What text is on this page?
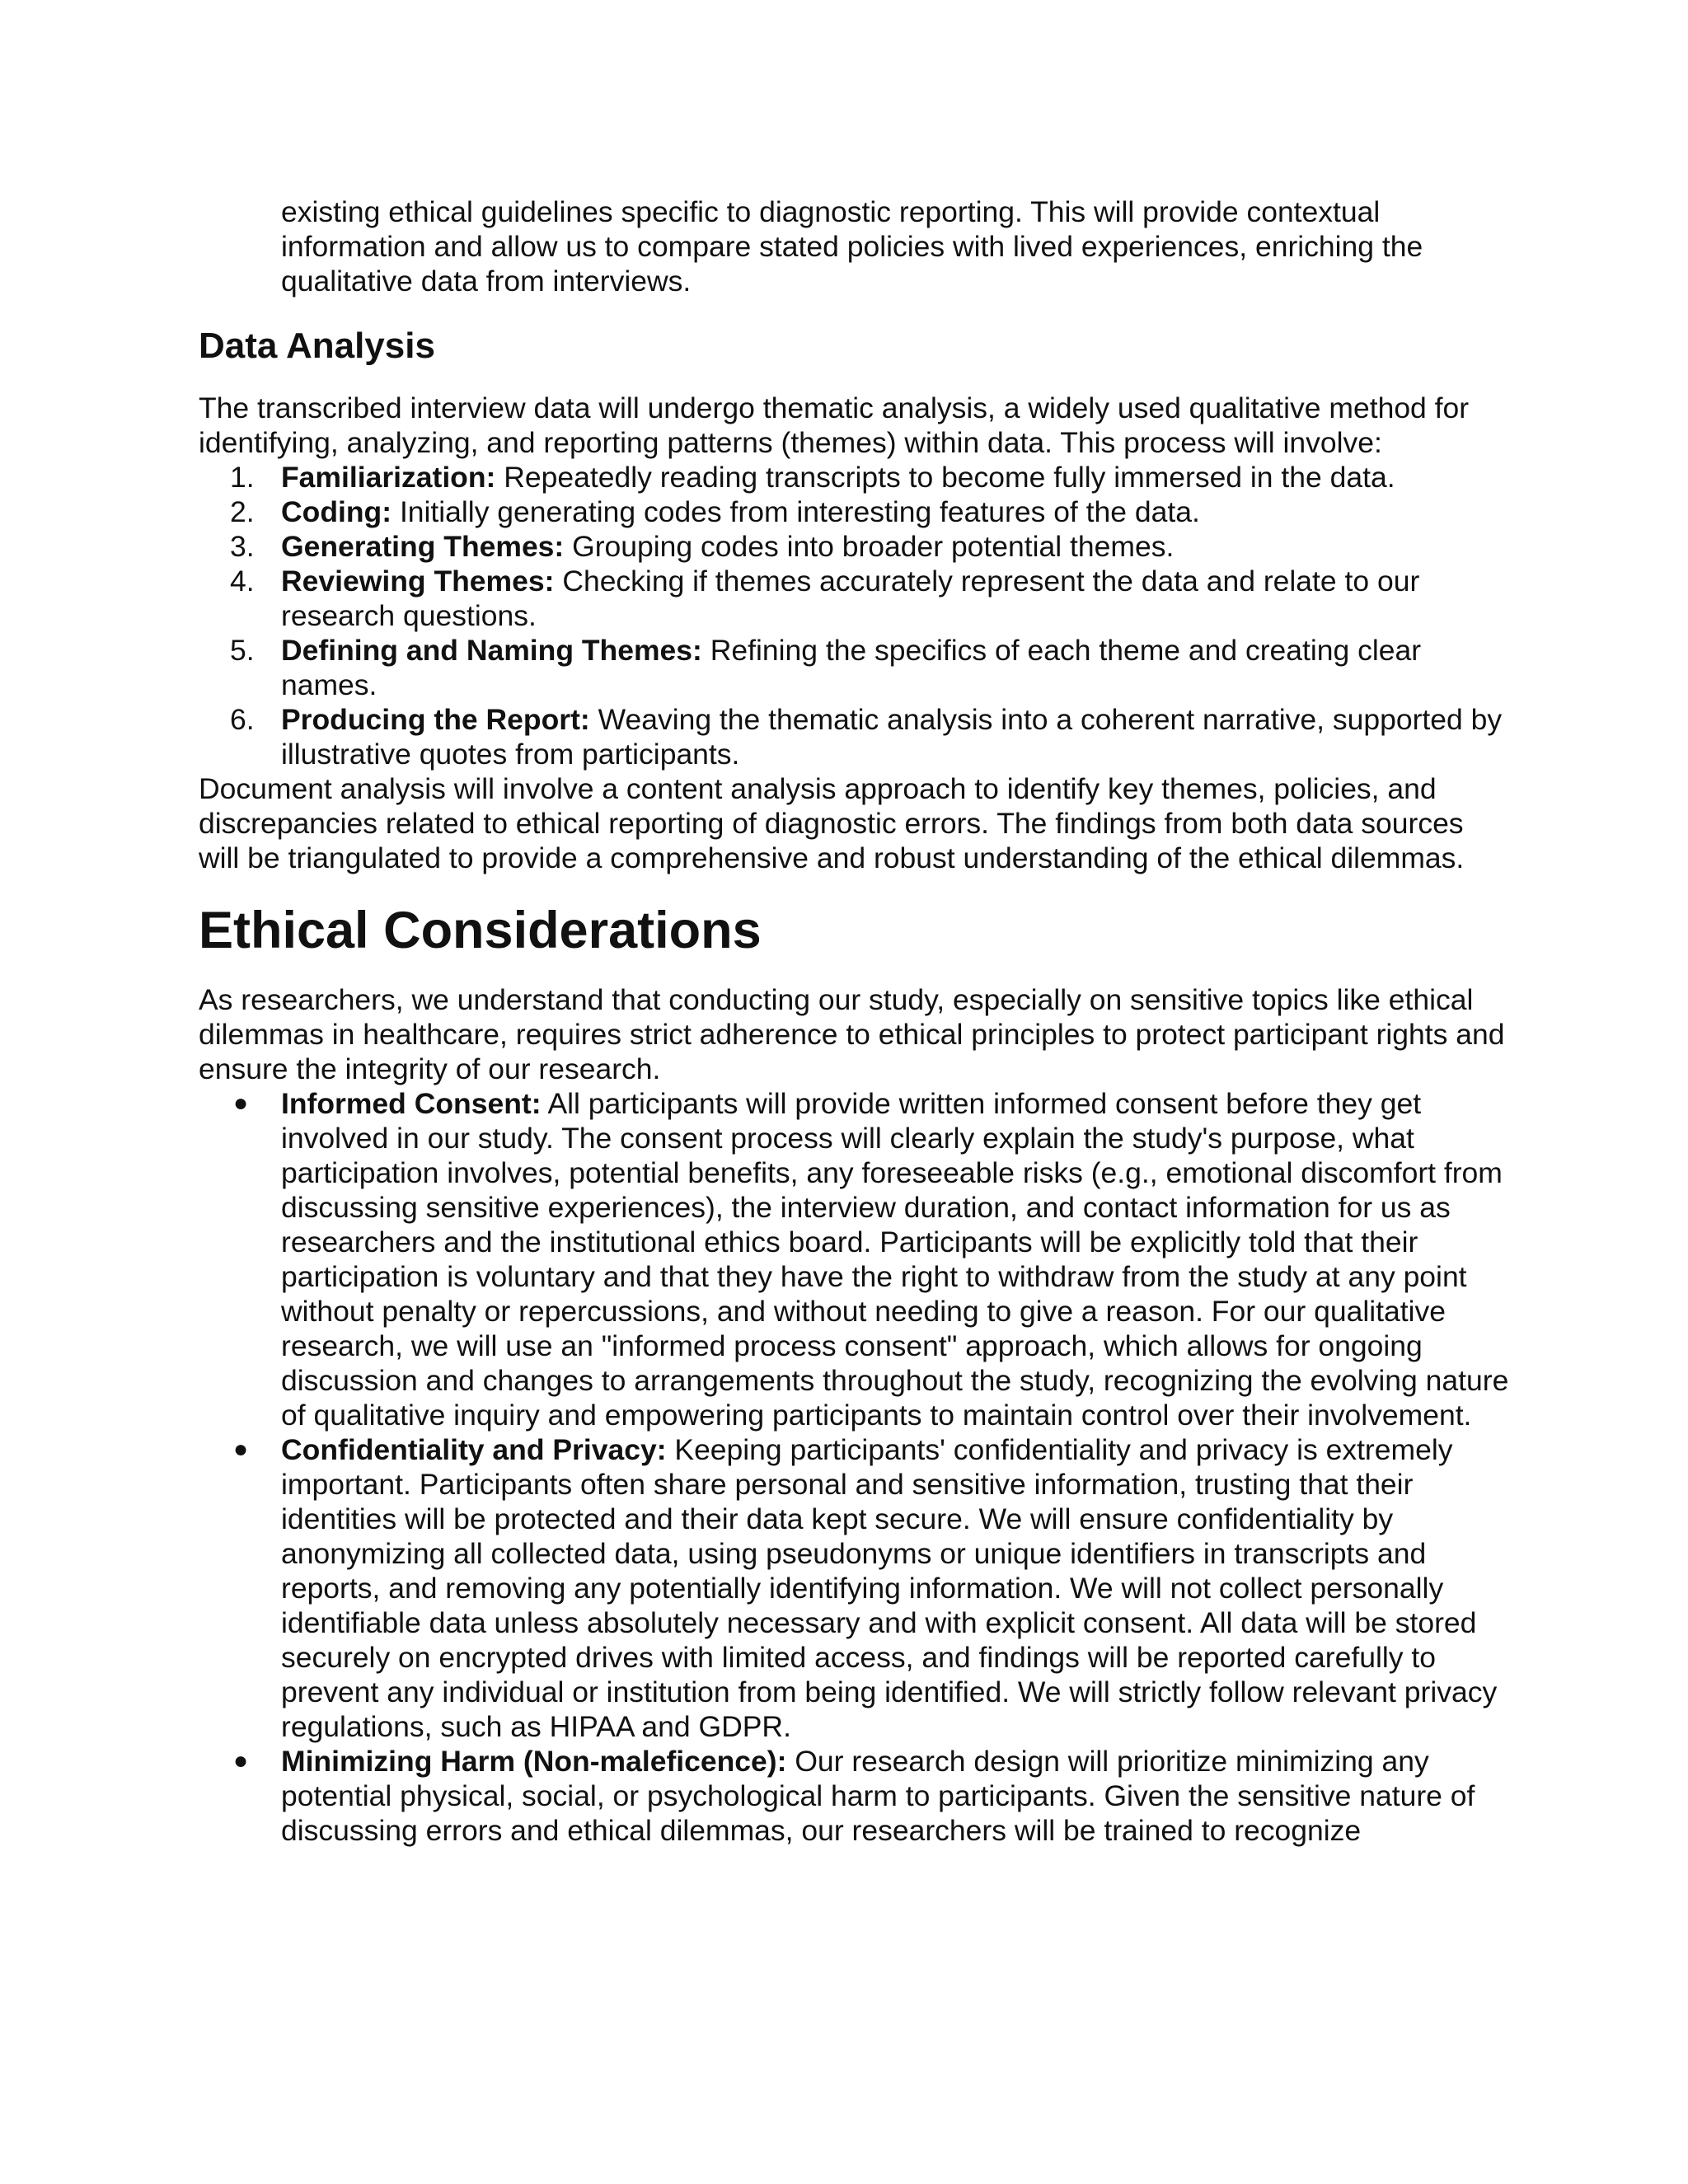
existing ethical guidelines specific to diagnostic reporting. This will provide contextual information and allow us to compare stated policies with lived experiences, enriching the qualitative data from interviews.

Data Analysis

The transcribed interview data will undergo thematic analysis, a widely used qualitative method for identifying, analyzing, and reporting patterns (themes) within data. This process will involve:

1. Familiarization: Repeatedly reading transcripts to become fully immersed in the data.
2. Coding: Initially generating codes from interesting features of the data.
3. Generating Themes: Grouping codes into broader potential themes.
4. Reviewing Themes: Checking if themes accurately represent the data and relate to our research questions.
5. Defining and Naming Themes: Refining the specifics of each theme and creating clear names.
6. Producing the Report: Weaving the thematic analysis into a coherent narrative, supported by illustrative quotes from participants.

Document analysis will involve a content analysis approach to identify key themes, policies, and discrepancies related to ethical reporting of diagnostic errors. The findings from both data sources will be triangulated to provide a comprehensive and robust understanding of the ethical dilemmas.

Ethical Considerations

As researchers, we understand that conducting our study, especially on sensitive topics like ethical dilemmas in healthcare, requires strict adherence to ethical principles to protect participant rights and ensure the integrity of our research.

● Informed Consent: All participants will provide written informed consent before they get involved in our study. The consent process will clearly explain the study's purpose, what participation involves, potential benefits, any foreseeable risks (e.g., emotional discomfort from discussing sensitive experiences), the interview duration, and contact information for us as researchers and the institutional ethics board. Participants will be explicitly told that their participation is voluntary and that they have the right to withdraw from the study at any point without penalty or repercussions, and without needing to give a reason. For our qualitative research, we will use an "informed process consent" approach, which allows for ongoing discussion and changes to arrangements throughout the study, recognizing the evolving nature of qualitative inquiry and empowering participants to maintain control over their involvement.
● Confidentiality and Privacy: Keeping participants' confidentiality and privacy is extremely important. Participants often share personal and sensitive information, trusting that their identities will be protected and their data kept secure. We will ensure confidentiality by anonymizing all collected data, using pseudonyms or unique identifiers in transcripts and reports, and removing any potentially identifying information. We will not collect personally identifiable data unless absolutely necessary and with explicit consent. All data will be stored securely on encrypted drives with limited access, and findings will be reported carefully to prevent any individual or institution from being identified. We will strictly follow relevant privacy regulations, such as HIPAA and GDPR.
● Minimizing Harm (Non-maleficence): Our research design will prioritize minimizing any potential physical, social, or psychological harm to participants. Given the sensitive nature of discussing errors and ethical dilemmas, our researchers will be trained to recognize
